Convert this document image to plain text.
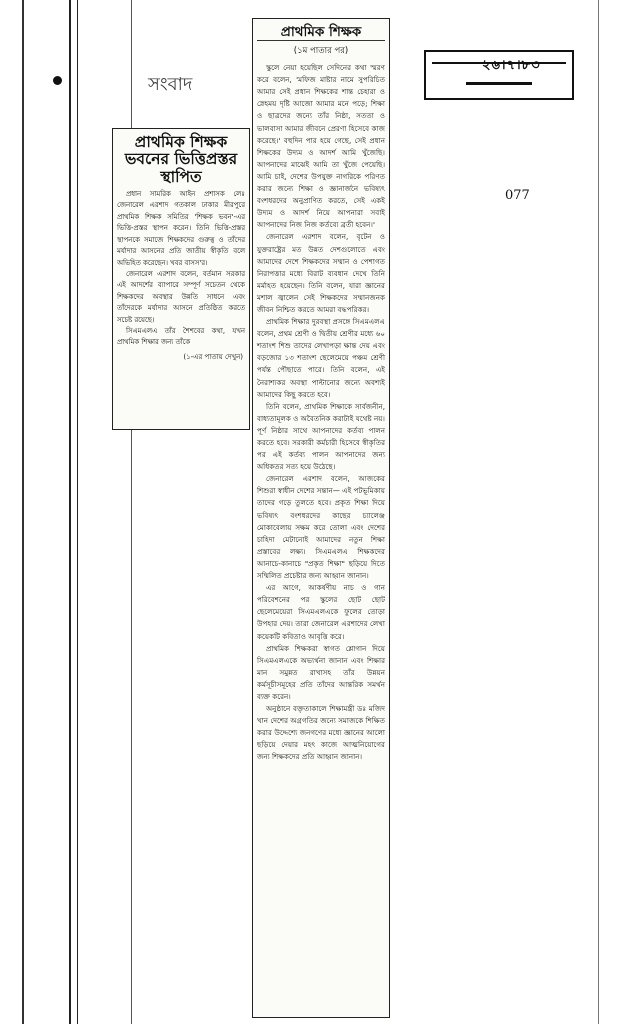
সংবাদ
২৬।৭।৮৩
077
প্রাথমিক শিক্ষক ভবনের ভিত্তিপ্রস্তর স্থাপিত

প্রধান সামরিক আইন প্রশাসক লেঃ জেনারেল এরশাদ গতকাল ঢাকার মীরপুরে প্রাথমিক শিক্ষক সমিতির 'শিক্ষক ভবন'-এর ভিত্তি-প্রস্তর স্থাপন করেন। তিনি ভিত্তি-প্রস্তর স্থাপনকে সমাজে শিক্ষকদের গুরুত্ব ও তাঁদের মর্যাদার আসনের প্রতি জাতীয় স্বীকৃতি বলে অভিহিত করেছেন। খবর বাসস'র।

জেনারেল এরশাদ বলেন, বর্তমান সরকার এই আদর্শের ব্যাপারে সম্পূর্ণ সচেতন থেকে শিক্ষকদের অবস্থার উন্নতি সাধনে এবং তাঁদেরকে মর্যাদার আসনে প্রতিষ্ঠিত করতে সচেষ্ট রয়েছে।

সিএমএলএ তাঁর শৈশবের কথা, যখন প্রাথমিক শিক্ষার জন্য তাঁকে

(১-এর পাতায় দেখুন)
প্রাথমিক শিক্ষক
(১ম পাতার পর)

স্কুলে নেয়া হয়েছিল সেদিনের কথা স্মরণ করে বলেন, 'মফিজ মাষ্টার নামে সুপরিচিত আমার সেই প্রধান শিক্ষকের শান্ত চেহারা ও স্নেহময় দৃষ্টি আজো আমার মনে পড়ে; শিক্ষা ও ছাত্রদের জন্যে তাঁর নিষ্ঠা, সততা ও ভালবাসা আমার জীবনে প্রেরণা হিসেবে কাজ করেছে।' বহুদিন পার হয়ে গেছে, সেই প্রধান শিক্ষকের উদ্যম ও আদর্শ আমি খুঁজেছি। আপনাদের মাঝেই আমি তা খুঁজে পেয়েছি। আমি চাই, দেশের উপযুক্ত নাগরিকে পরিণত করার জন্যে শিক্ষা ও জ্ঞানার্জনে ভবিষ্যৎ বংশধরদের অনুপ্রাণিত করতে, সেই একই উদ্যম ও আদর্শ নিয়ে আপনারা সবাই আপনাদের নিজ নিজ কর্তব্যে ব্রতী হবেন।'

জেনারেল এরশাদ বলেন, বৃটেন ও যুক্তরাষ্ট্রের মত উন্নত দেশগুলোতে এবং আমাদের দেশে শিক্ষকদের সম্মান ও পেশাগত নিরাপত্তার মধ্যে বিরাট ব্যবধান দেখে তিনি মর্মাহত হয়েছেন। তিনি বলেন, যারা জ্ঞানের মশাল জ্বালেন সেই শিক্ষকদের সম্মানজনক জীবন নিশ্চিত করতে আমরা বদ্ধপরিকর।

প্রাথমিক শিক্ষার দুরবস্থা প্রসঙ্গে সিএমএলএ বলেন, প্রথম শ্রেণী ও দ্বিতীয় শ্রেণীর মধ্যে ৬০ শতাংশ শিশু তাদের লেখাপড়া ক্ষান্ত দেয় এবং বড়জোর ১৩ শতাংশ ছেলেমেয়ে পঞ্চম শ্রেণী পর্যন্ত পৌছাতে পারে। তিনি বলেন, এই নৈরাশ্যকর অবস্থা পাল্টানোর জন্যে অবশ্যই আমাদের কিছু করতে হবে।

তিনি বলেন, প্রাথমিক শিক্ষাকে সার্বজনীন, বাধ্যতামূলক ও অবৈতনিক করাটাই যথেষ্ট নয়। পূর্ণ নিষ্ঠার সাথে আপনাদের কর্তব্য পালন করতে হবে। সরকারী কর্মচারী হিসেবে স্বীকৃতির পর এই কর্তব্য পালন আপনাদের জন্য অধিকতর সত্য হয়ে উঠেছে।

জেনারেল এরশাদ বলেন, আজকের শিশুরা স্বাধীন দেশের সন্তান— এই পটভূমিকায় তাদের গড়ে তুলতে হবে। প্রকৃত শিক্ষা দিয়ে ভবিষ্যৎ বংশধরদের কাছের চ্যালেঞ্জ মোকাবেলায় সক্ষম করে তোলা এবং দেশের চাহিদা মেটানোই আমাদের নতুন শিক্ষা প্রস্তাবের লক্ষ্য। সিএমএলএ শিক্ষকদের আনাচে-কানাচে "প্রকৃত শিক্ষা" ছড়িয়ে দিতে সম্মিলিত প্রচেষ্টার জন্য আহ্বান জানান।

এর আগে, আকর্ষণীয় নাচ ও গান পরিবেশনের পর স্কুলের ছোট ছোট ছেলেমেয়েরা সিএমএলএকে ফুলের তোড়া উপহার দেয়। তারা জেনারেল এরশাদের লেখা কয়েকটি কবিতাও আবৃত্তি করে।

প্রাথমিক শিক্ষকরা স্বাগত শ্লোগান দিয়ে সিএমএলএকে অভ্যর্থনা জানান এবং শিক্ষার মান সমুন্নত রাখাসহ তাঁর উন্নয়ন কর্মসূচীসমূহের প্রতি তাঁদের আন্তরিক সমর্থন ব্যক্ত করেন।

অনুষ্ঠানে বক্তৃতাকালে শিক্ষামন্ত্রী ডঃ মজিদ খান দেশের অগ্রগতির জন্যে সমাজকে শিক্ষিত করার উদ্দেশ্যে জনগণের মধ্যে জ্ঞানের আলো ছড়িয়ে দেয়ার মহৎ কাজে আত্মনিয়োগের জন্য শিক্ষকদের প্রতি আহ্বান জানান।
